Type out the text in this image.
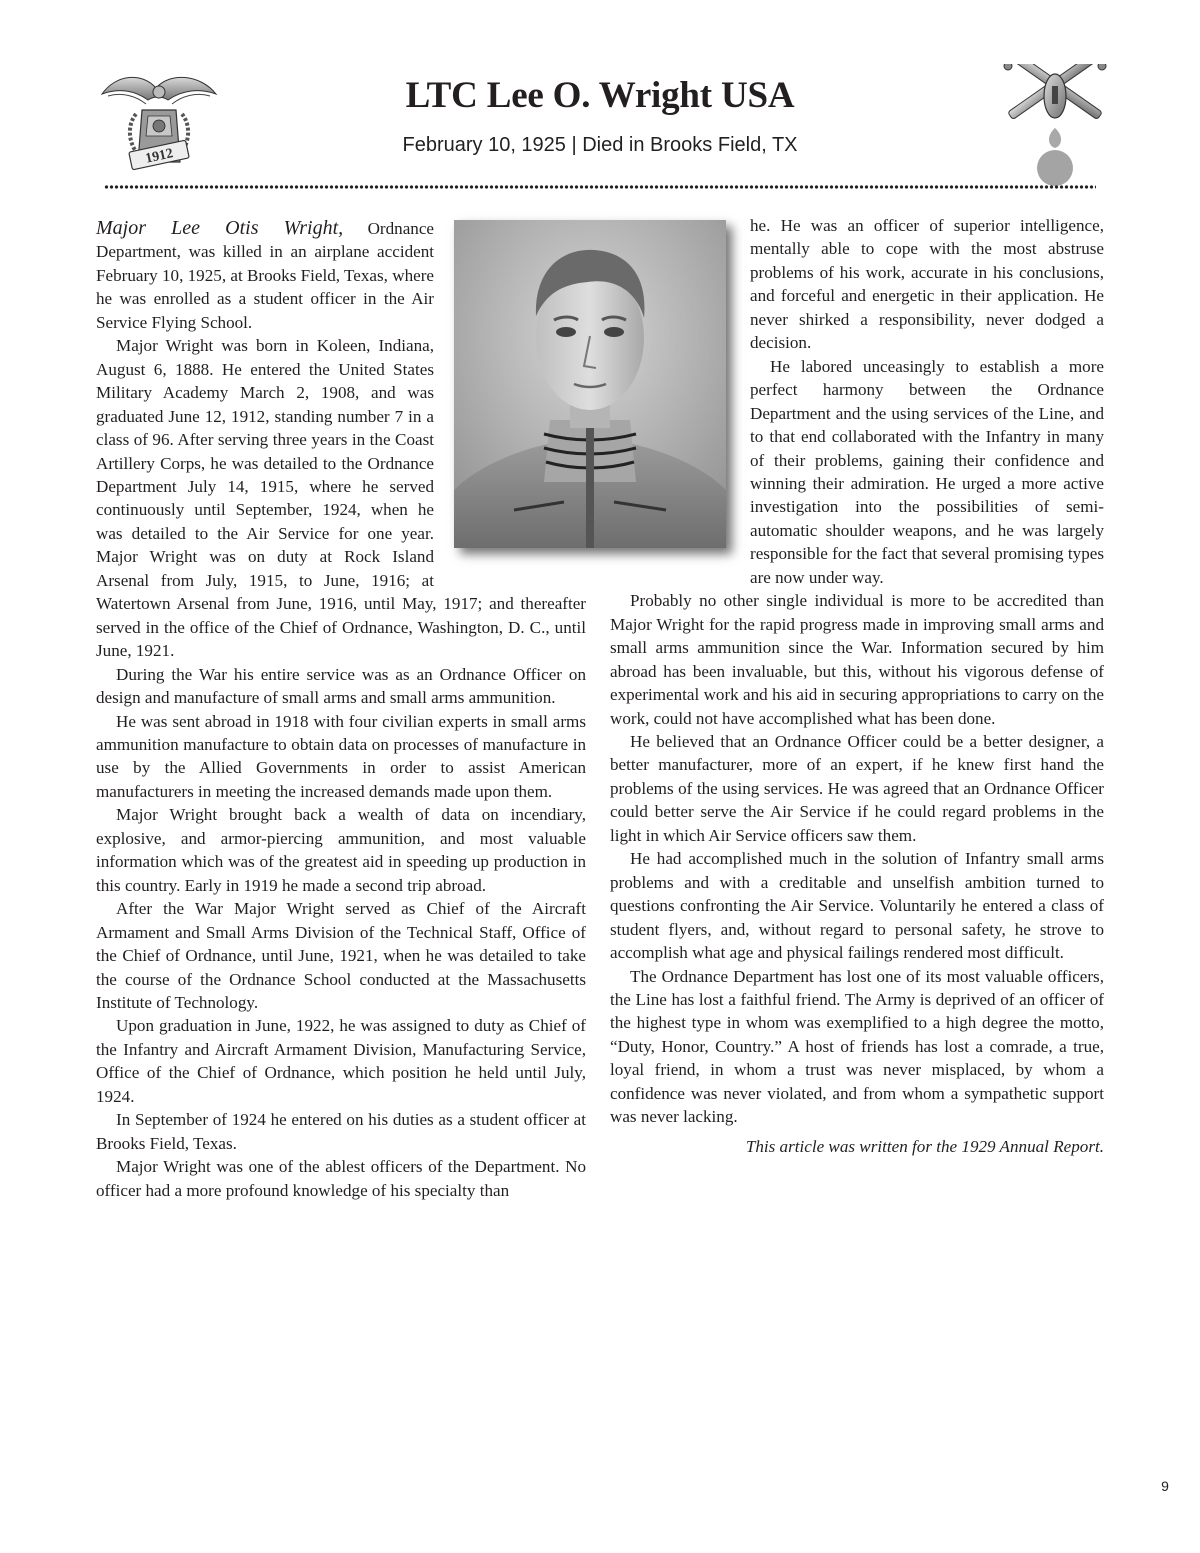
1912
LTC Lee O. Wright USA

February 10, 1925 | Died in Brooks Field, TX

Major Lee Otis Wright, Ordnance Department, was killed in an airplane accident February 10, 1925, at Brooks Field, Texas, where he was enrolled as a student officer in the Air Service Flying School.

Major Wright was born in Koleen, Indiana, August 6, 1888. He entered the United States Military Academy March 2, 1908, and was graduated June 12, 1912, standing number 7 in a class of 96. After serving three years in the Coast Artillery Corps, he was detailed to the Ordnance Department July 14, 1915, where he served continuously until September, 1924, when he was detailed to the Air Service for one year. Major Wright was on duty at Rock Island Arsenal from July, 1915, to June, 1916; at Watertown Arsenal from June, 1916, until May, 1917; and thereafter served in the office of the Chief of Ordnance, Washington, D. C., until June, 1921.

During the War his entire service was as an Ordnance Officer on design and manufacture of small arms and small arms ammunition.

He was sent abroad in 1918 with four civilian experts in small arms ammunition manufacture to obtain data on processes of manufacture in use by the Allied Governments in order to assist American manufacturers in meeting the increased demands made upon them.

Major Wright brought back a wealth of data on incendiary, explosive, and armor-piercing ammunition, and most valuable information which was of the greatest aid in speeding up production in this country. Early in 1919 he made a second trip abroad.

After the War Major Wright served as Chief of the Aircraft Armament and Small Arms Division of the Technical Staff, Office of the Chief of Ordnance, until June, 1921, when he was detailed to take the course of the Ordnance School conducted at the Massachusetts Institute of Technology.

Upon graduation in June, 1922, he was assigned to duty as Chief of the Infantry and Aircraft Armament Division, Manufacturing Service, Office of the Chief of Ordnance, which position he held until July, 1924.

In September of 1924 he entered on his duties as a student officer at Brooks Field, Texas.

Major Wright was one of the ablest officers of the Department. No officer had a more profound knowledge of his specialty than

he. He was an officer of superior intelligence, mentally able to cope with the most abstruse problems of his work, accurate in his conclusions, and forceful and energetic in their application. He never shirked a responsibility, never dodged a decision.

He labored unceasingly to establish a more perfect harmony between the Ordnance Department and the using services of the Line, and to that end collaborated with the Infantry in many of their problems, gaining their confidence and winning their admiration. He urged a more active investigation into the possibilities of semi-automatic shoulder weapons, and he was largely responsible for the fact that several promising types are now under way.

Probably no other single individual is more to be accredited than Major Wright for the rapid progress made in improving small arms and small arms ammunition since the War. Information secured by him abroad has been invaluable, but this, without his vigorous defense of experimental work and his aid in securing appropriations to carry on the work, could not have accomplished what has been done.

He believed that an Ordnance Officer could be a better designer, a better manufacturer, more of an expert, if he knew first hand the problems of the using services. He was agreed that an Ordnance Officer could better serve the Air Service if he could regard problems in the light in which Air Service officers saw them.

He had accomplished much in the solution of Infantry small arms problems and with a creditable and unselfish ambition turned to questions confronting the Air Service. Voluntarily he entered a class of student flyers, and, without regard to personal safety, he strove to accomplish what age and physical failings rendered most difficult.

The Ordnance Department has lost one of its most valuable officers, the Line has lost a faithful friend. The Army is deprived of an officer of the highest type in whom was exemplified to a high degree the motto, “Duty, Honor, Country.” A host of friends has lost a comrade, a true, loyal friend, in whom a trust was never misplaced, by whom a confidence was never violated, and from whom a sympathetic support was never lacking.

This article was written for the 1929 Annual Report.

9
